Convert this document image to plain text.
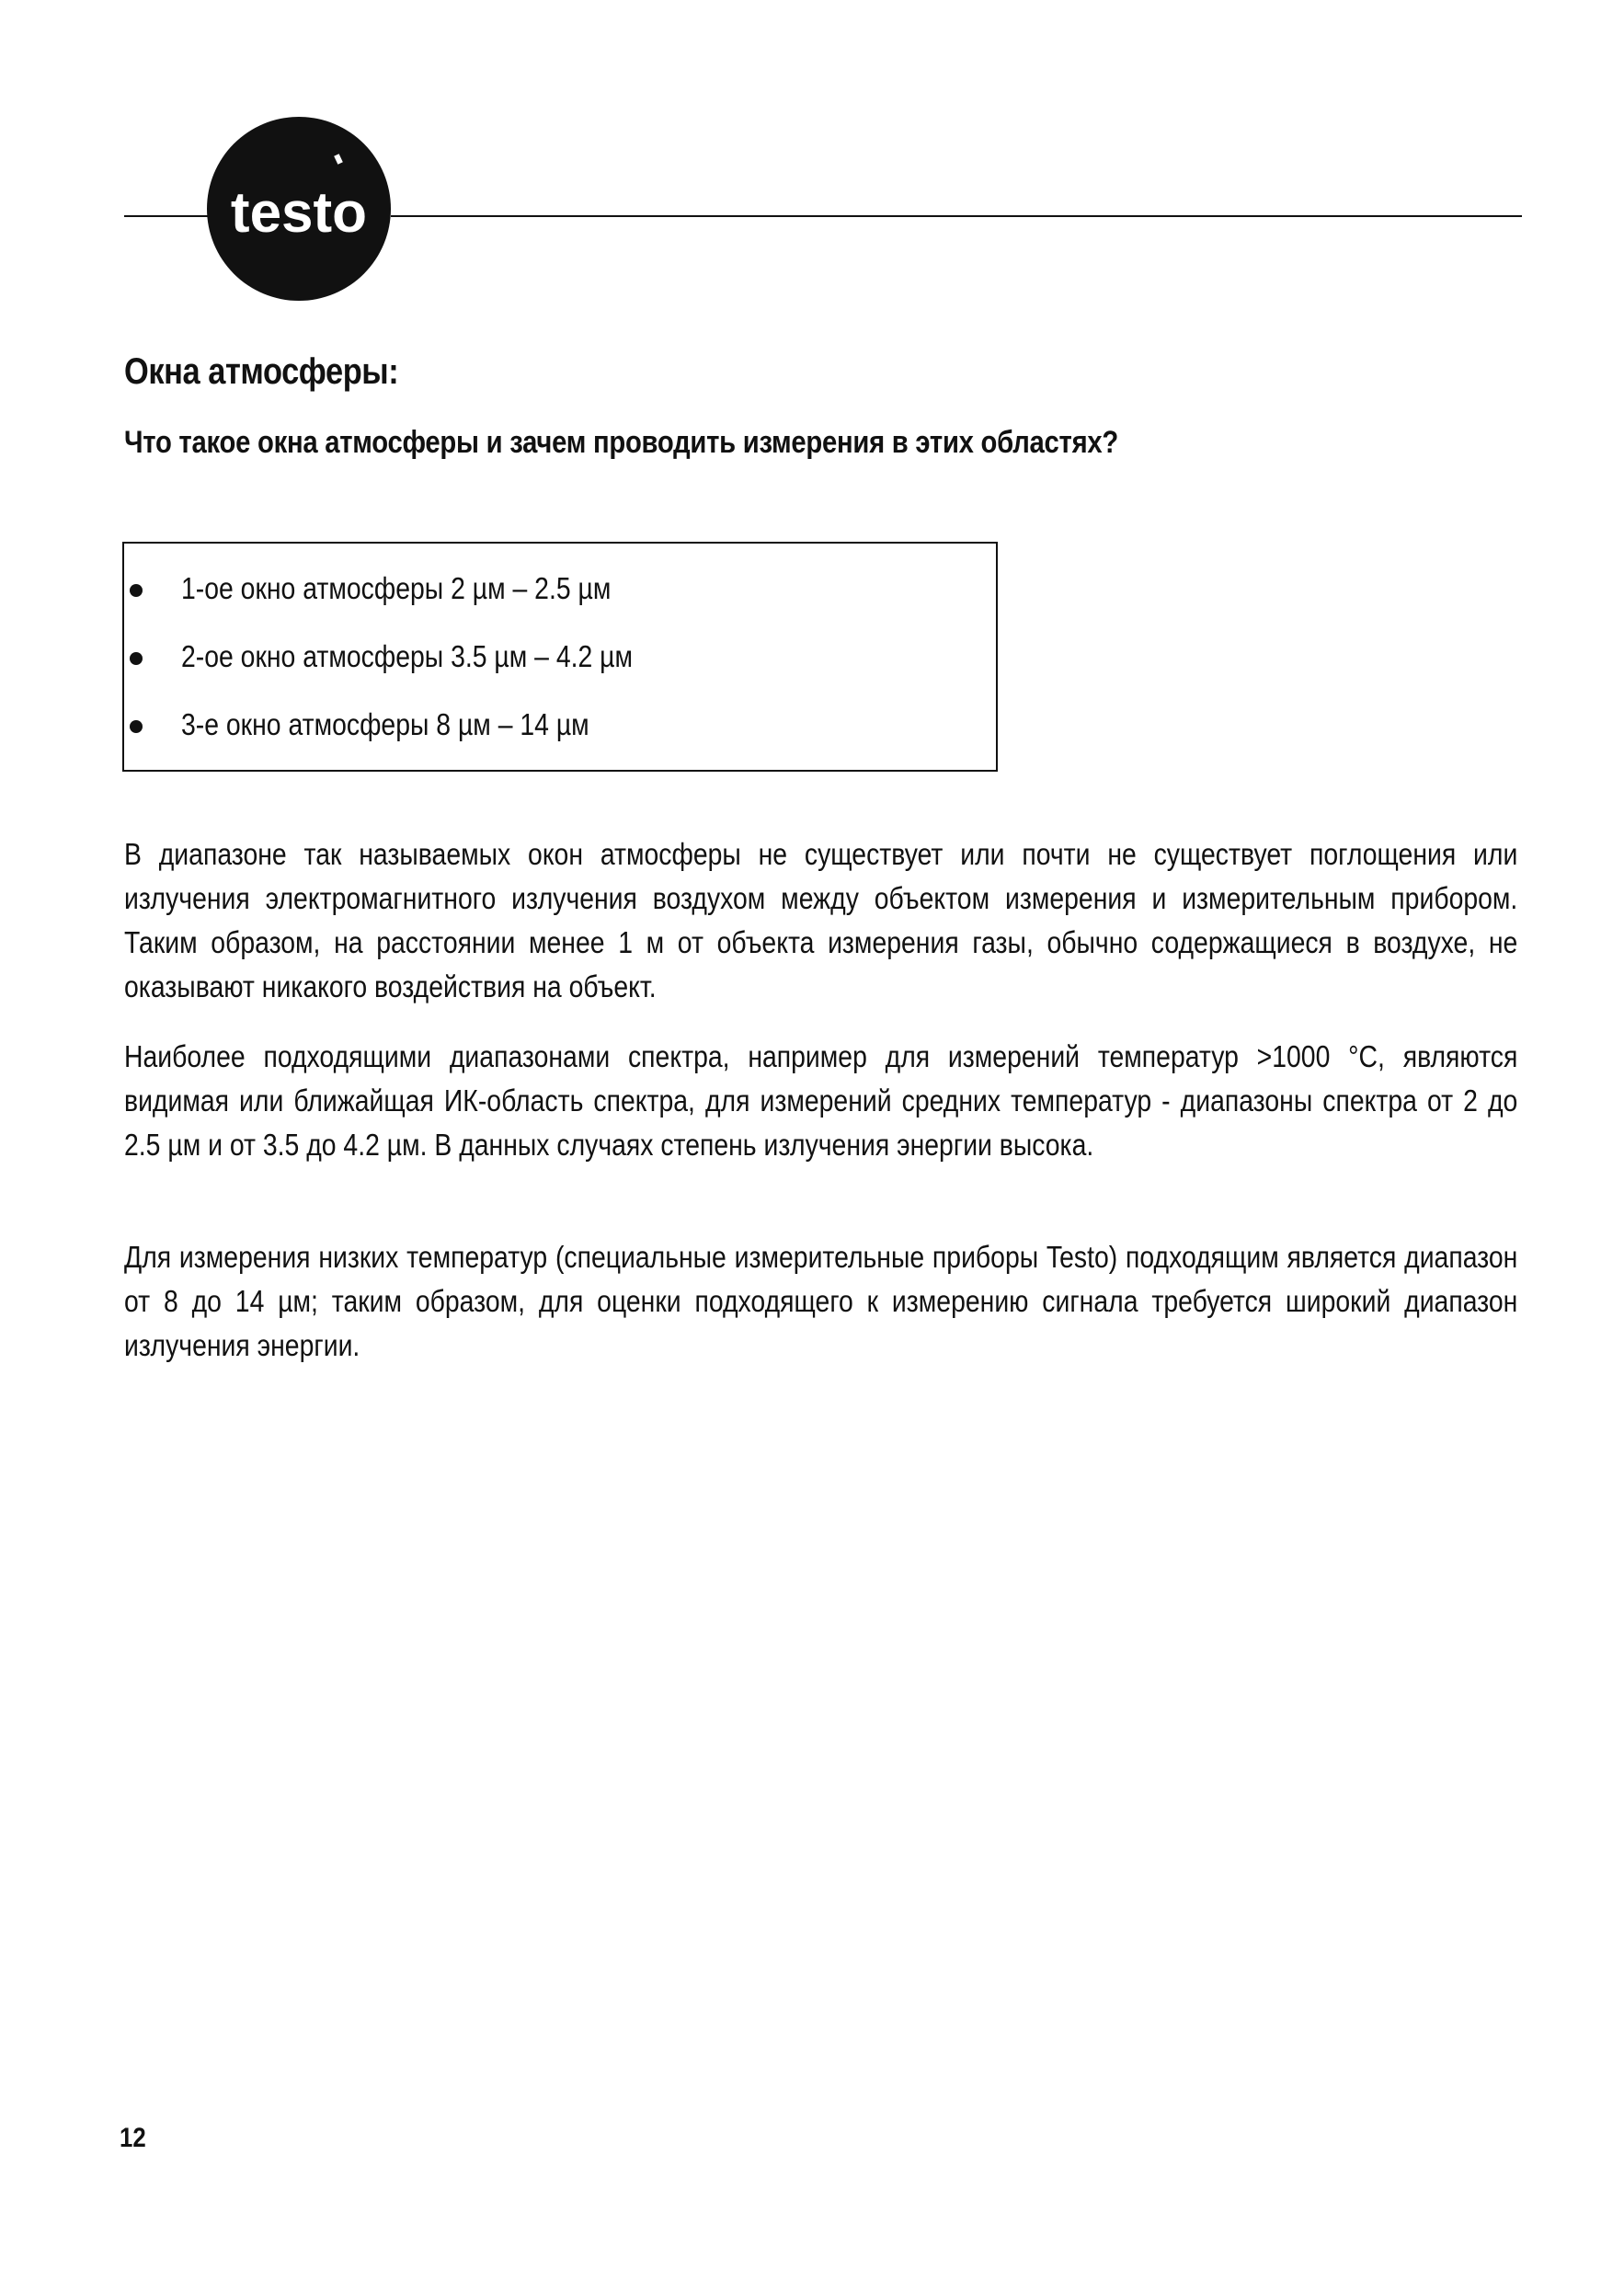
testo
Окна атмосферы:
Что такое окна атмосферы и зачем проводить измерения в этих областях?
1-ое окно атмосферы 2 µм – 2.5 µм
2-ое окно атмосферы 3.5 µм – 4.2 µм
3-е окно атмосферы 8 µм – 14 µм

В диапазоне так называемых окон атмосферы не существует или почти не существует поглощения или излучения электромагнитного излучения воздухом между объектом измерения и измерительным прибором. Таким образом, на расстоянии менее 1 м от объекта измерения газы, обычно содержащиеся в воздухе, не оказывают никакого воздействия на объект.

Наиболее подходящими диапазонами спектра, например для измерений температур >1000 °С, являются видимая или ближайщая ИК-область спектра, для измерений средних температур - диапазоны спектра от 2 до 2.5 µм и от 3.5 до 4.2 µм. В данных случаях степень излучения энергии высока.

Для измерения низких температур (специальные измерительные приборы Testo) подходящим является диапазон от 8 до 14 µм; таким образом, для оценки подходящего к измерению сигнала требуется широкий диапазон излучения энергии.

12
